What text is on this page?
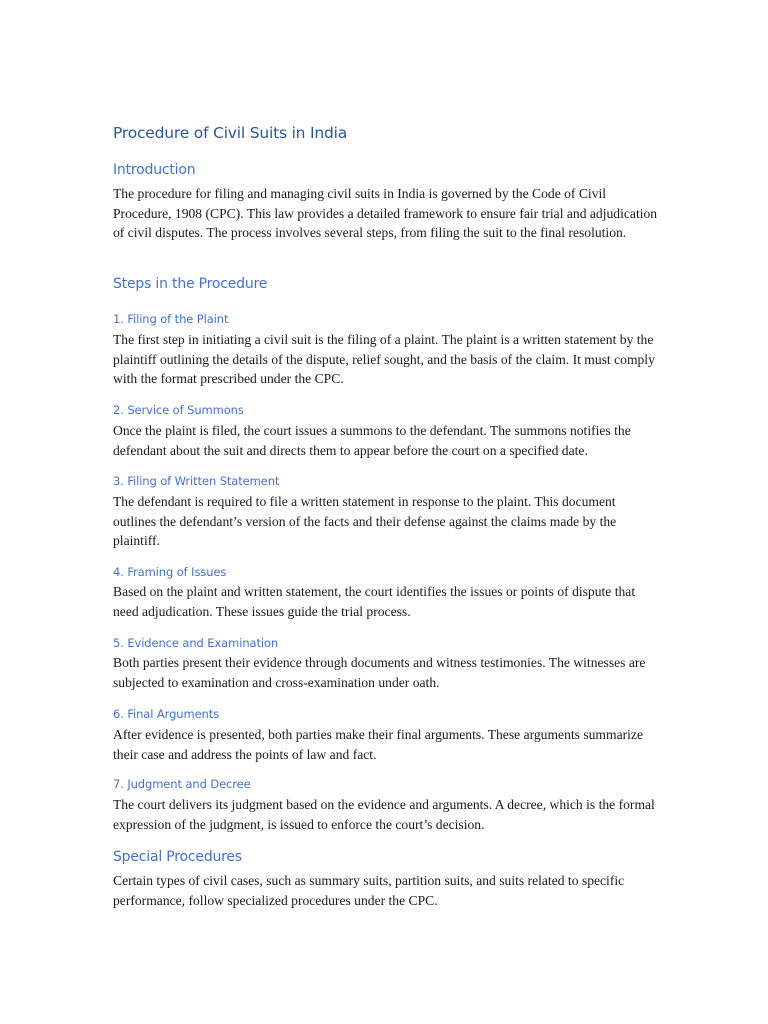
Procedure of Civil Suits in India
Introduction

The procedure for filing and managing civil suits in India is governed by the Code of Civil Procedure, 1908 (CPC). This law provides a detailed framework to ensure fair trial and adjudication of civil disputes. The process involves several steps, from filing the suit to the final resolution.

Steps in the Procedure
1. Filing of the Plaint

The first step in initiating a civil suit is the filing of a plaint. The plaint is a written statement by the plaintiff outlining the details of the dispute, relief sought, and the basis of the claim. It must comply with the format prescribed under the CPC.

2. Service of Summons

Once the plaint is filed, the court issues a summons to the defendant. The summons notifies the defendant about the suit and directs them to appear before the court on a specified date.

3. Filing of Written Statement

The defendant is required to file a written statement in response to the plaint. This document outlines the defendant’s version of the facts and their defense against the claims made by the plaintiff.

4. Framing of Issues

Based on the plaint and written statement, the court identifies the issues or points of dispute that need adjudication. These issues guide the trial process.

5. Evidence and Examination

Both parties present their evidence through documents and witness testimonies. The witnesses are subjected to examination and cross-examination under oath.

6. Final Arguments

After evidence is presented, both parties make their final arguments. These arguments summarize their case and address the points of law and fact.

7. Judgment and Decree

The court delivers its judgment based on the evidence and arguments. A decree, which is the formal expression of the judgment, is issued to enforce the court’s decision.

Special Procedures

Certain types of civil cases, such as summary suits, partition suits, and suits related to specific performance, follow specialized procedures under the CPC.
